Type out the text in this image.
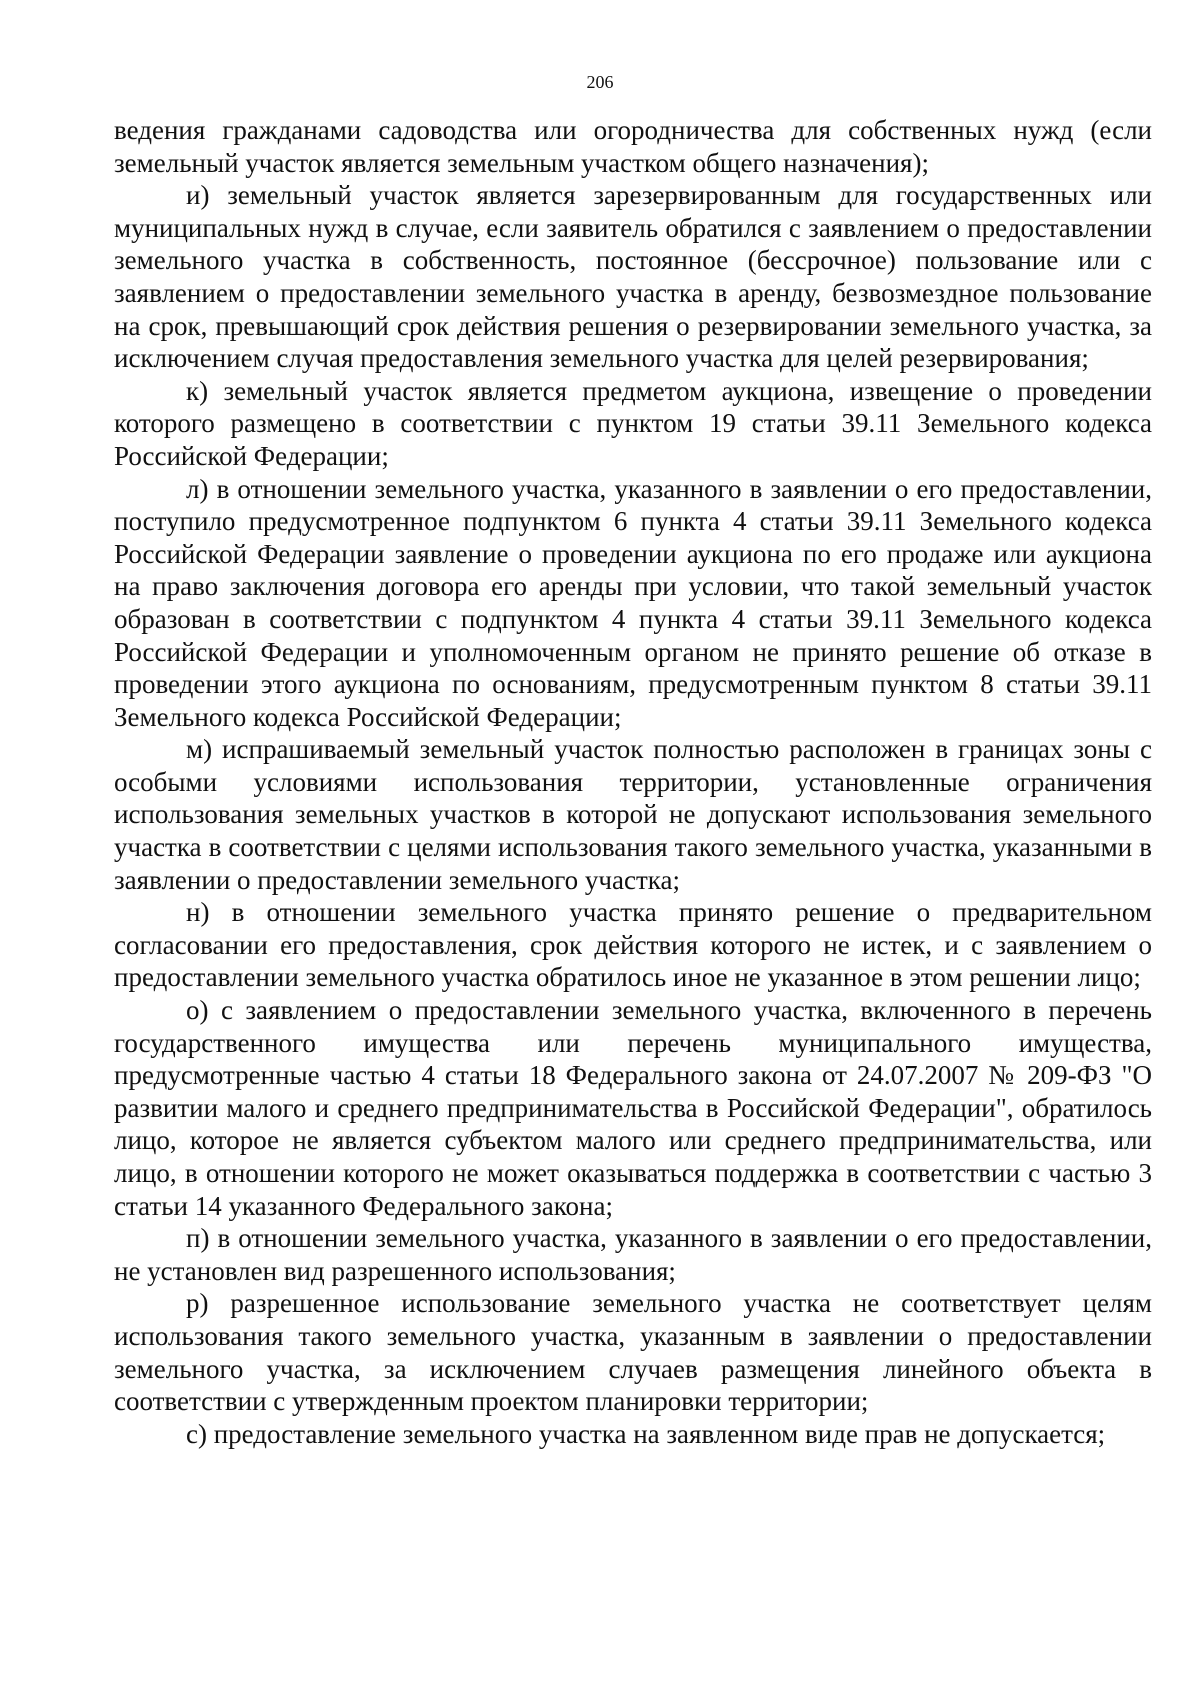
206

ведения гражданами садоводства или огородничества для собственных нужд (если земельный участок является земельным участком общего назначения);

и) земельный участок является зарезервированным для государственных или муниципальных нужд в случае, если заявитель обратился с заявлением о предоставлении земельного участка в собственность, постоянное (бессрочное) пользование или с заявлением о предоставлении земельного участка в аренду, безвозмездное пользование на срок, превышающий срок действия решения о резервировании земельного участка, за исключением случая предоставления земельного участка для целей резервирования;

к) земельный участок является предметом аукциона, извещение о проведении которого размещено в соответствии с пунктом 19 статьи 39.11 Земельного кодекса Российской Федерации;

л) в отношении земельного участка, указанного в заявлении о его предоставлении, поступило предусмотренное подпунктом 6 пункта 4 статьи 39.11 Земельного кодекса Российской Федерации заявление о проведении аукциона по его продаже или аукциона на право заключения договора его аренды при условии, что такой земельный участок образован в соответствии с подпунктом 4 пункта 4 статьи 39.11 Земельного кодекса Российской Федерации и уполномоченным органом не принято решение об отказе в проведении этого аукциона по основаниям, предусмотренным пунктом 8 статьи 39.11 Земельного кодекса Российской Федерации;

м) испрашиваемый земельный участок полностью расположен в границах зоны с особыми условиями использования территории, установленные ограничения использования земельных участков в которой не допускают использования земельного участка в соответствии с целями использования такого земельного участка, указанными в заявлении о предоставлении земельного участка;

н) в отношении земельного участка принято решение о предварительном согласовании его предоставления, срок действия которого не истек, и с заявлением о предоставлении земельного участка обратилось иное не указанное в этом решении лицо;

о) с заявлением о предоставлении земельного участка, включенного в перечень государственного имущества или перечень муниципального имущества, предусмотренные частью 4 статьи 18 Федерального закона от 24.07.2007 № 209-ФЗ "О развитии малого и среднего предпринимательства в Российской Федерации", обратилось лицо, которое не является субъектом малого или среднего предпринимательства, или лицо, в отношении которого не может оказываться поддержка в соответствии с частью 3 статьи 14 указанного Федерального закона;

п) в отношении земельного участка, указанного в заявлении о его предоставлении, не установлен вид разрешенного использования;

р) разрешенное использование земельного участка не соответствует целям использования такого земельного участка, указанным в заявлении о предоставлении земельного участка, за исключением случаев размещения линейного объекта в соответствии с утвержденным проектом планировки территории;

с) предоставление земельного участка на заявленном виде прав не допускается;
